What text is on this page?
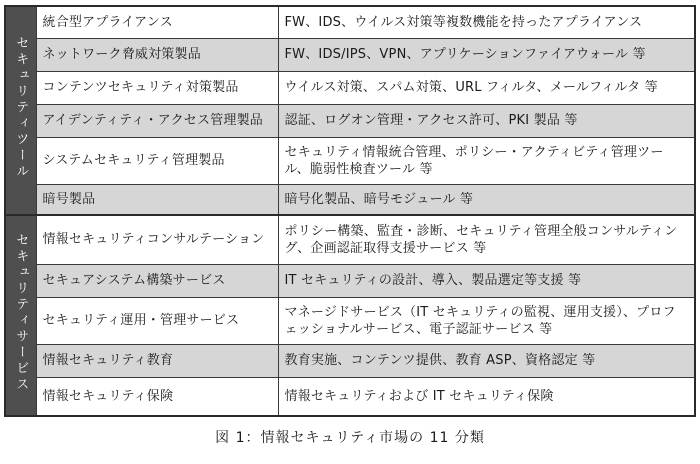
セキュリティツール	統合型アプライアンス	FW、IDS、ウイルス対策等複数機能を持ったアプライアンス
	ネットワーク脅威対策製品	FW、IDS/IPS、VPN、アプリケーションファイアウォール 等
	コンテンツセキュリティ対策製品	ウイルス対策、スパム対策、URL フィルタ、メールフィルタ 等
	アイデンティティ・アクセス管理製品	認証、ログオン管理・アクセス許可、PKI 製品 等
	システムセキュリティ管理製品	セキュリティ情報統合管理、ポリシー・アクティビティ管理ツール、脆弱性検査ツール 等
	暗号製品	暗号化製品、暗号モジュール 等
セキュリティサービス	情報セキュリティコンサルテーション	ポリシー構築、監査・診断、セキュリティ管理全般コンサルティング、企画認証取得支援サービス 等
	セキュアシステム構築サービス	IT セキュリティの設計、導入、製品選定等支援 等
	セキュリティ運用・管理サービス	マネージドサービス（IT セキュリティの監視、運用支援）、プロフェッショナルサービス、電子認証サービス 等
	情報セキュリティ教育	教育実施、コンテンツ提供、教育 ASP、資格認定 等
	情報セキュリティ保険	情報セキュリティおよび IT セキュリティ保険
図 1：情報セキュリティ市場の 11 分類
